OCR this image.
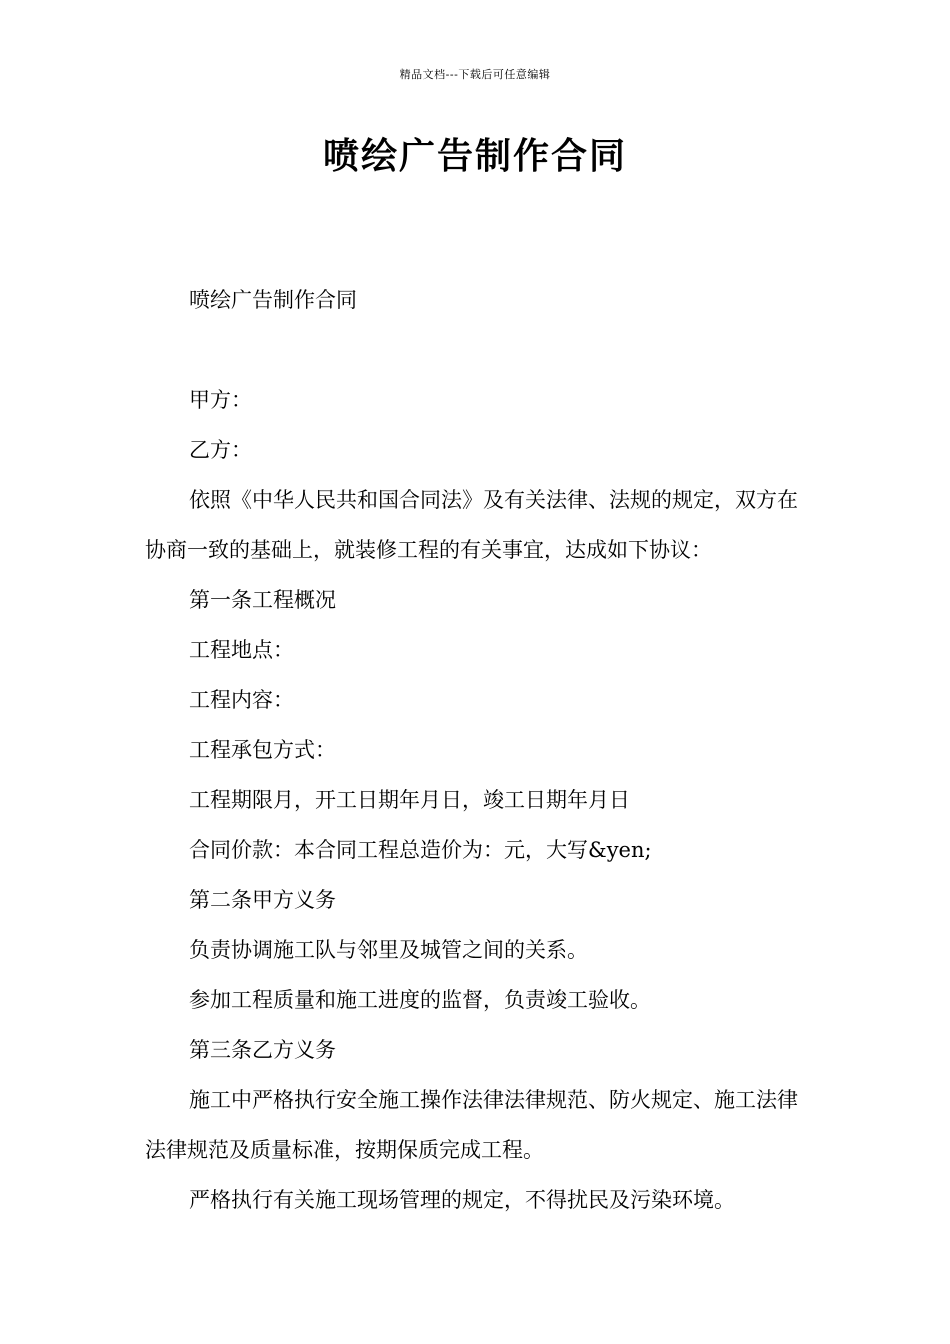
精品文档---下载后可任意编辑
喷绘广告制作合同

喷绘广告制作合同

甲方：

乙方：

依照《中华人民共和国合同法》及有关法律、法规的规定，双方在协商一致的基础上，就装修工程的有关事宜，达成如下协议：

第一条工程概况

工程地点：

工程内容：

工程承包方式：

工程期限月，开工日期年月日，竣工日期年月日

合同价款：本合同工程总造价为：元，大写&yen;

第二条甲方义务

负责协调施工队与邻里及城管之间的关系。

参加工程质量和施工进度的监督，负责竣工验收。

第三条乙方义务

施工中严格执行安全施工操作法律法律规范、防火规定、施工法律法律规范及质量标准，按期保质完成工程。

严格执行有关施工现场管理的规定，不得扰民及污染环境。
